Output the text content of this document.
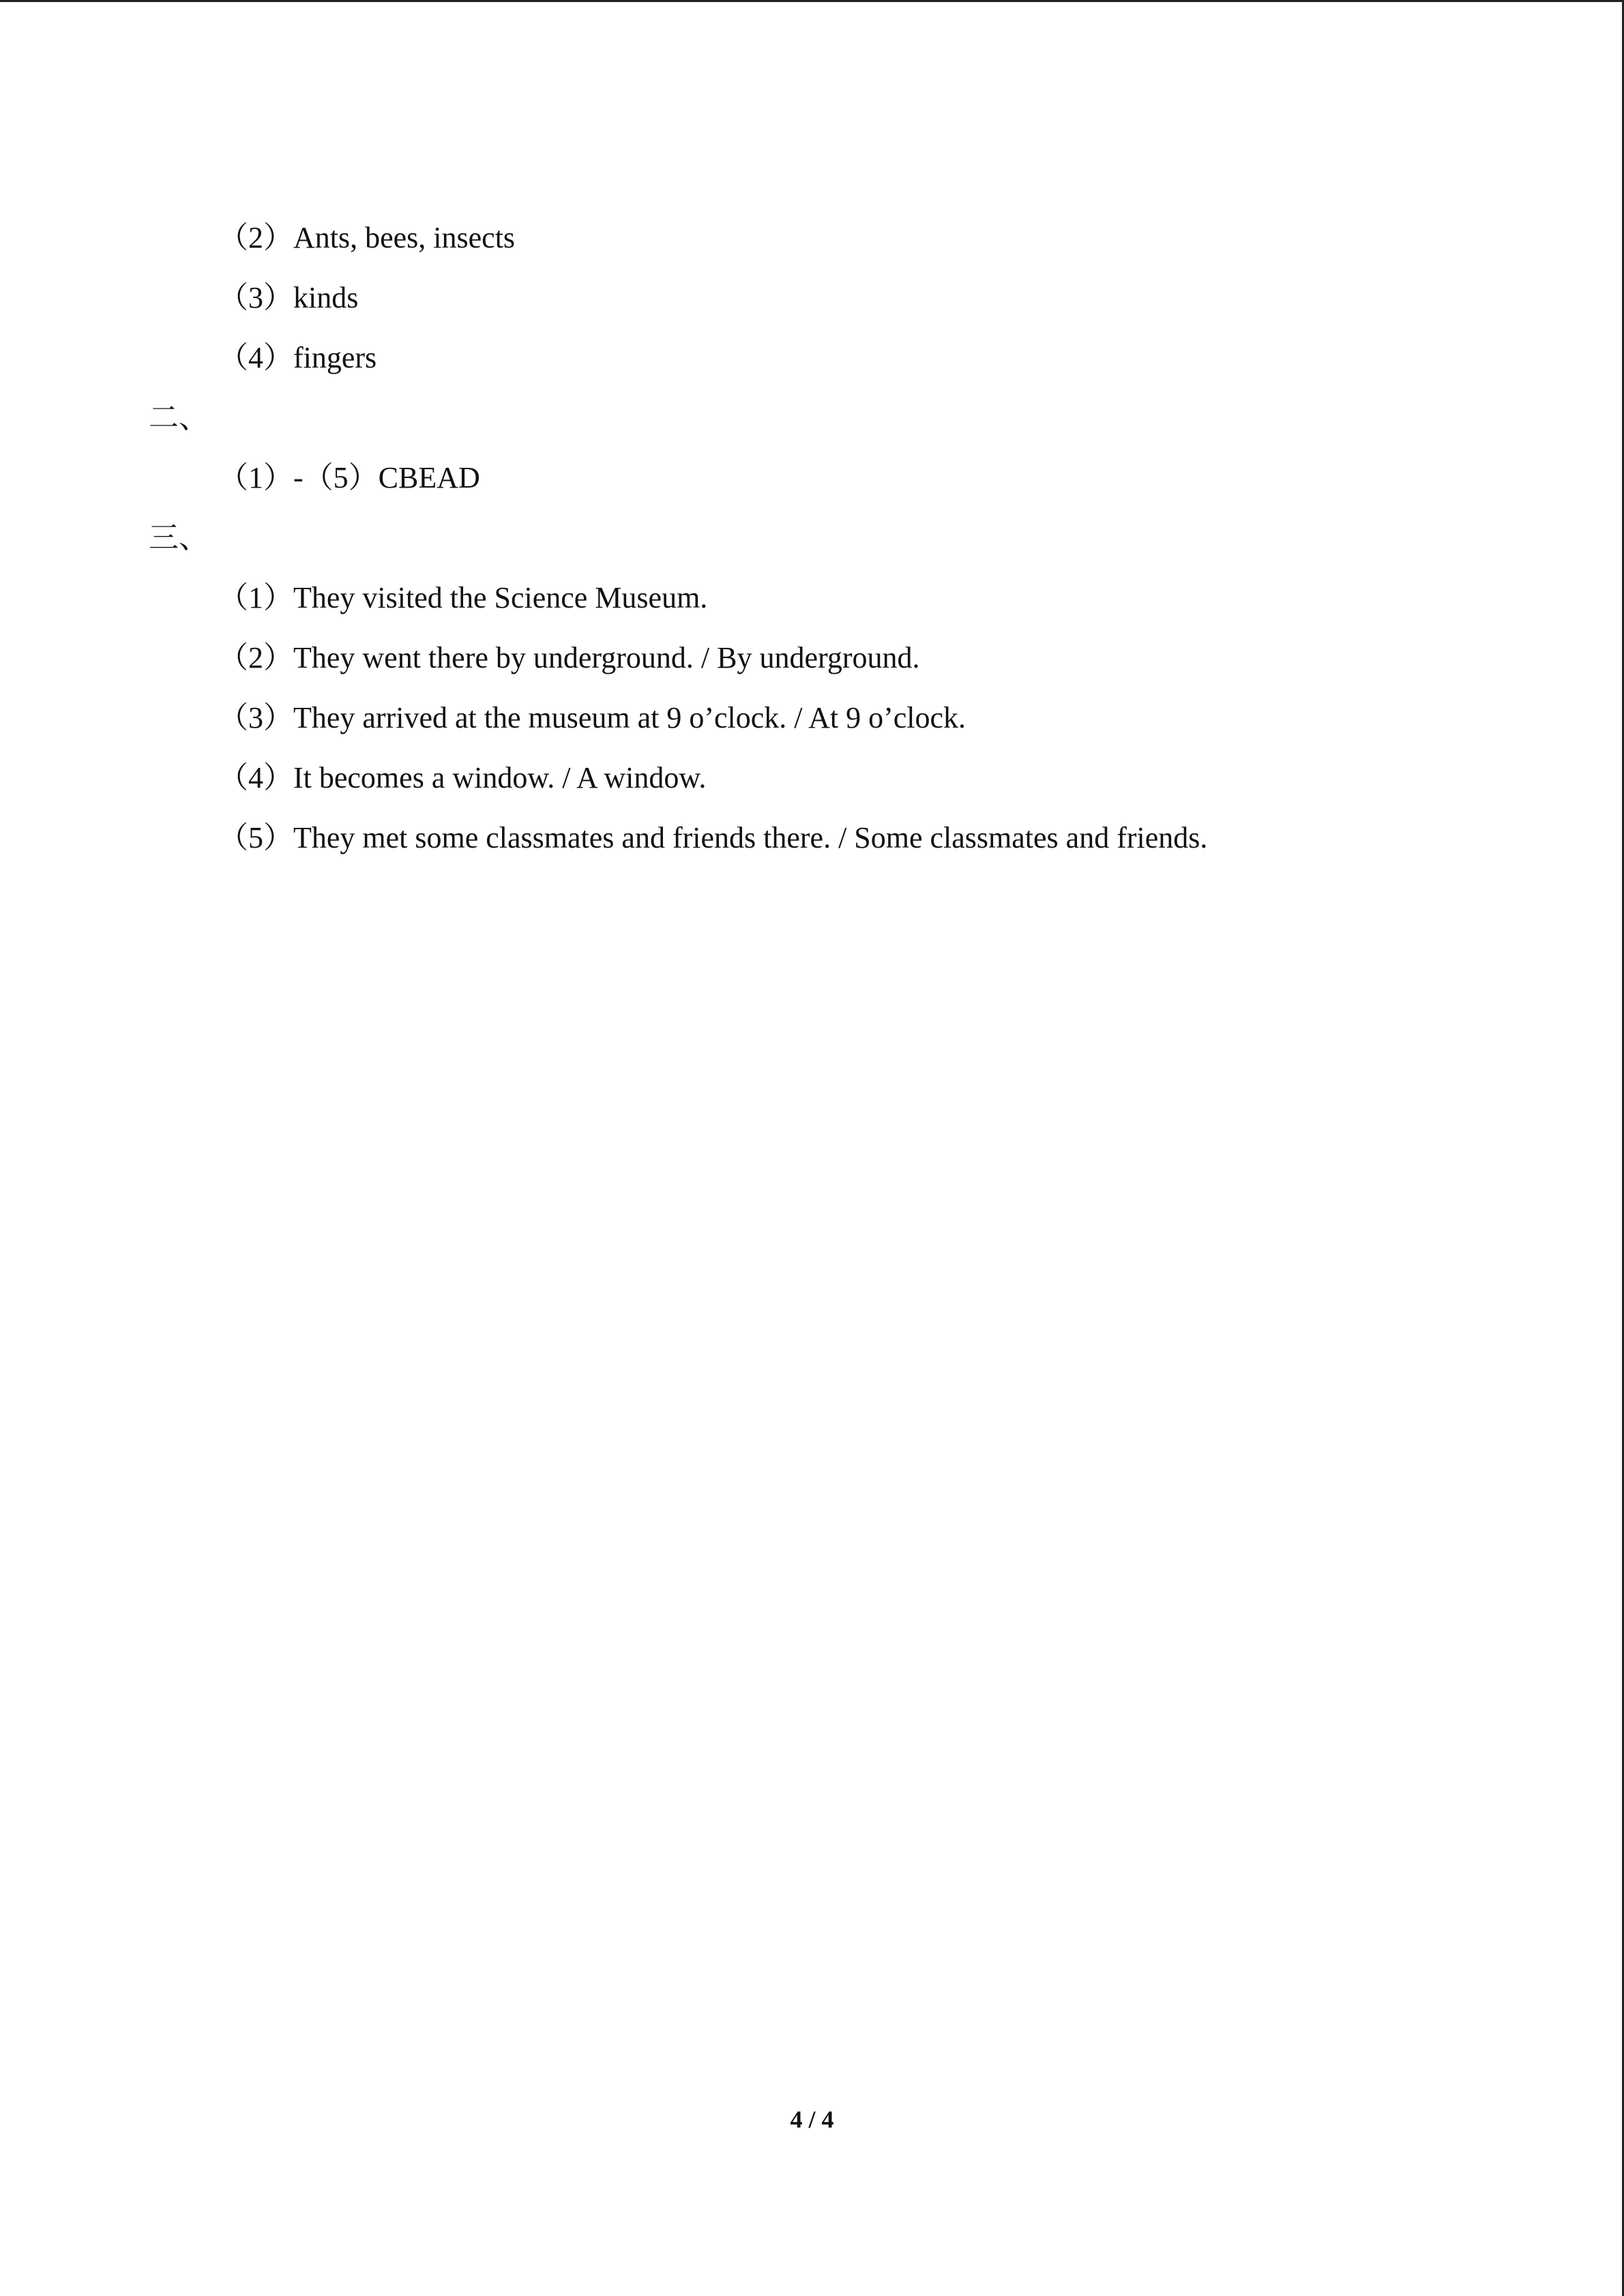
（2）Ants, bees, insects
（3）kinds
（4）fingers
二、
（1）-（5）CBEAD
三、
（1）They visited the Science Museum.
（2）They went there by underground. / By underground.
（3）They arrived at the museum at 9 o’clock. / At 9 o’clock.
（4）It becomes a window. / A window.
（5）They met some classmates and friends there. / Some classmates and friends.
4 / 4
